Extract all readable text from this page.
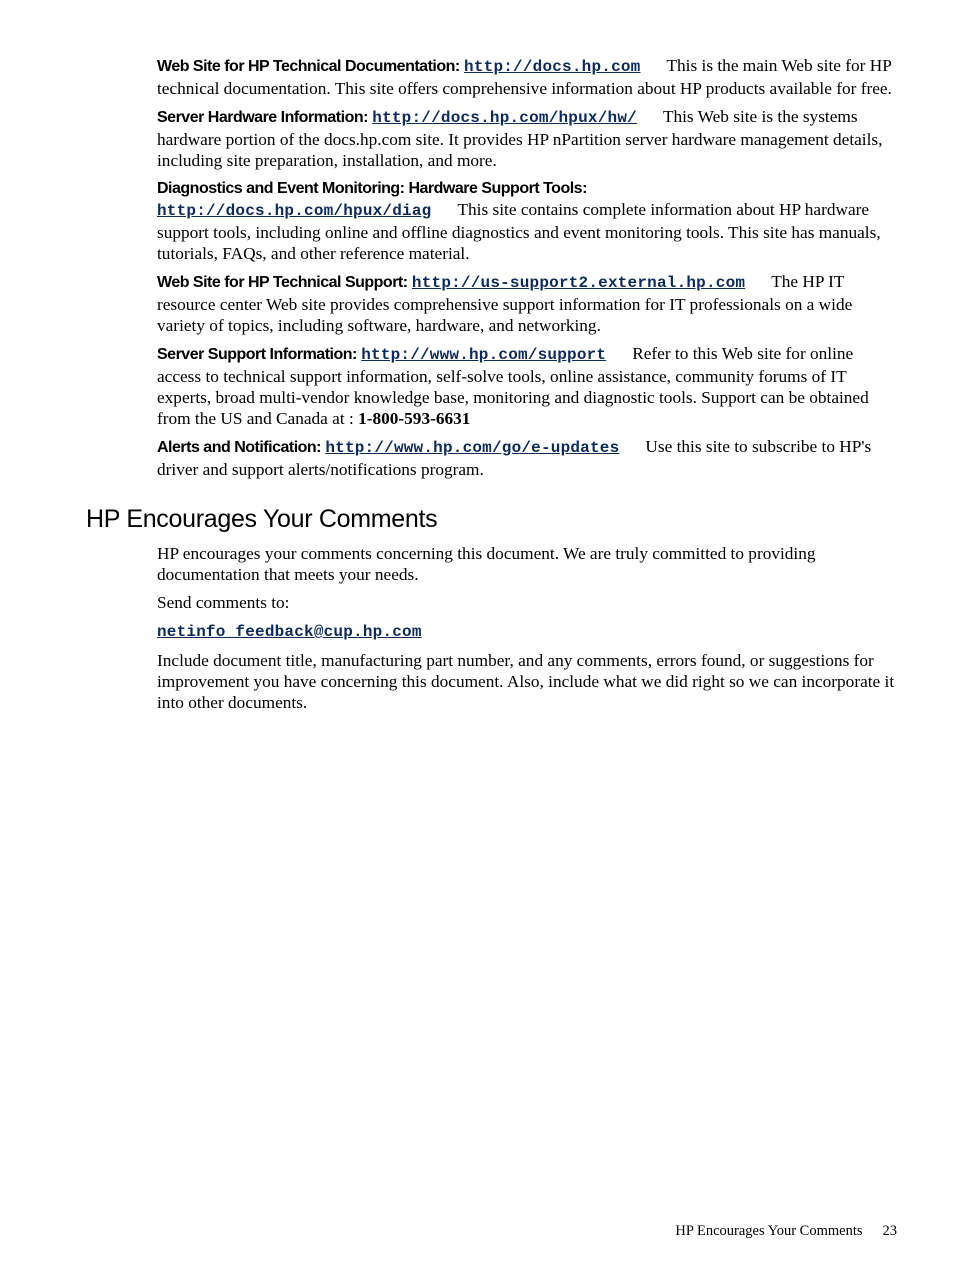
Web Site for HP Technical Documentation: http://docs.hp.com This is the main Web site for HP technical documentation. This site offers comprehensive information about HP products available for free.
Server Hardware Information: http://docs.hp.com/hpux/hw/ This Web site is the systems hardware portion of the docs.hp.com site. It provides HP nPartition server hardware management details, including site preparation, installation, and more.
Diagnostics and Event Monitoring: Hardware Support Tools:
http://docs.hp.com/hpux/diag This site contains complete information about HP hardware support tools, including online and offline diagnostics and event monitoring tools. This site has manuals, tutorials, FAQs, and other reference material.
Web Site for HP Technical Support: http://us-support2.external.hp.com The HP IT resource center Web site provides comprehensive support information for IT professionals on a wide variety of topics, including software, hardware, and networking.
Server Support Information: http://www.hp.com/support Refer to this Web site for online access to technical support information, self-solve tools, online assistance, community forums of IT experts, broad multi-vendor knowledge base, monitoring and diagnostic tools. Support can be obtained from the US and Canada at : 1-800-593-6631
Alerts and Notification: http://www.hp.com/go/e-updates Use this site to subscribe to HP's driver and support alerts/notifications program.
HP Encourages Your Comments

HP encourages your comments concerning this document. We are truly committed to providing documentation that meets your needs.

Send comments to:

netinfo_feedback@cup.hp.com

Include document title, manufacturing part number, and any comments, errors found, or suggestions for improvement you have concerning this document. Also, include what we did right so we can incorporate it into other documents.

HP Encourages Your Comments 23
